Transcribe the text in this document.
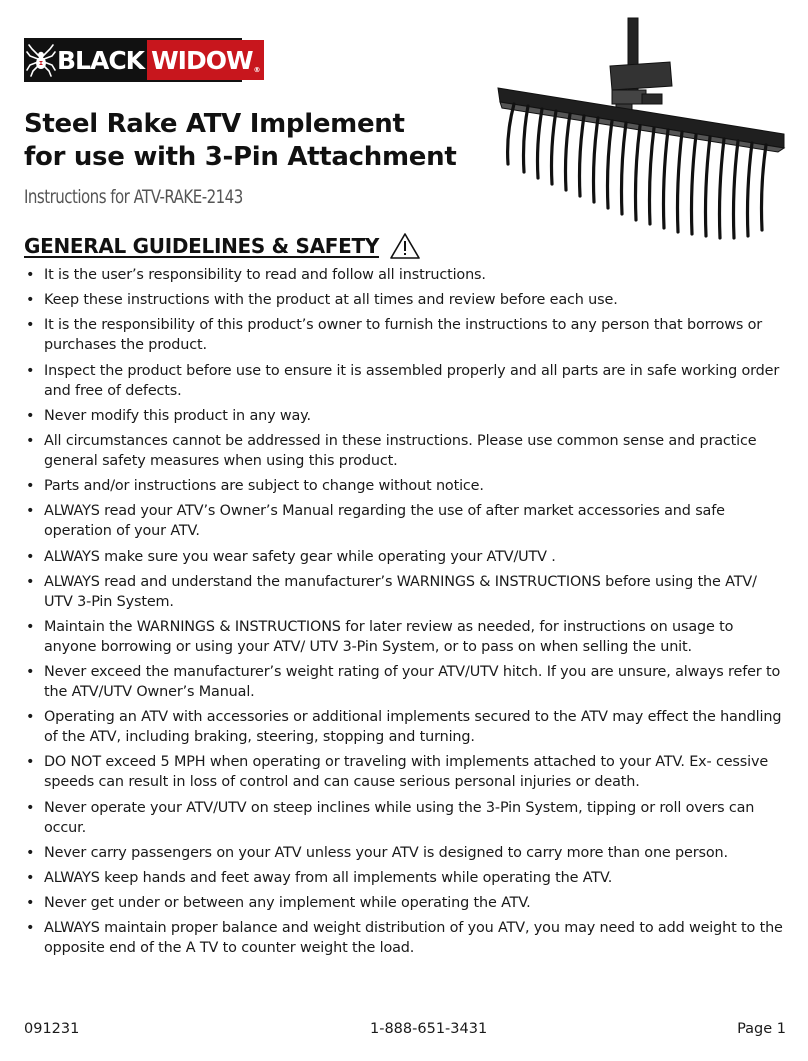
BLACK WIDOW ®
Steel Rake ATV Implement
for use with 3-Pin Attachment

Instructions for ATV-RAKE-2143

GENERAL GUIDELINES & SAFETY
• It is the user’s responsibility to read and follow all instructions.
• Keep these instructions with the product at all times and review before each use.
• It is the responsibility of this product’s owner to furnish the instructions to any person that borrows or purchases the product.
• Inspect the product before use to ensure it is assembled properly and all parts are in safe working order and free of defects.
• Never modify this product in any way.
• All circumstances cannot be addressed in these instructions. Please use common sense and practice general safety measures when using this product.
• Parts and/or instructions are subject to change without notice.
• ALWAYS read your ATV’s Owner’s Manual regarding the use of after market accessories and safe operation of your ATV.
• ALWAYS make sure you wear safety gear while operating your ATV/UTV .
• ALWAYS read and understand the manufacturer’s WARNINGS & INSTRUCTIONS before using the ATV/ UTV 3-Pin System.
• Maintain the WARNINGS & INSTRUCTIONS for later review as needed, for instructions on usage to anyone borrowing or using your ATV/ UTV 3-Pin System, or to pass on when selling the unit.
• Never exceed the manufacturer’s weight rating of your ATV/UTV hitch. If you are unsure, always refer to the ATV/UTV Owner’s Manual.
• Operating an ATV with accessories or additional implements secured to the ATV may effect the handling of the ATV, including braking, steering, stopping and turning.
• DO NOT exceed 5 MPH when operating or traveling with implements attached to your ATV. Ex- cessive speeds can result in loss of control and can cause serious personal injuries or death.
• Never operate your ATV/UTV on steep inclines while using the 3-Pin System, tipping or roll overs can occur.
• Never carry passengers on your ATV unless your ATV is designed to carry more than one person.
• ALWAYS keep hands and feet away from all implements while operating the ATV.
• Never get under or between any implement while operating the ATV.
• ALWAYS maintain proper balance and weight distribution of you ATV, you may need to add weight to the opposite end of the A TV to counter weight the load.
091231	1-888-651-3431	Page 1
